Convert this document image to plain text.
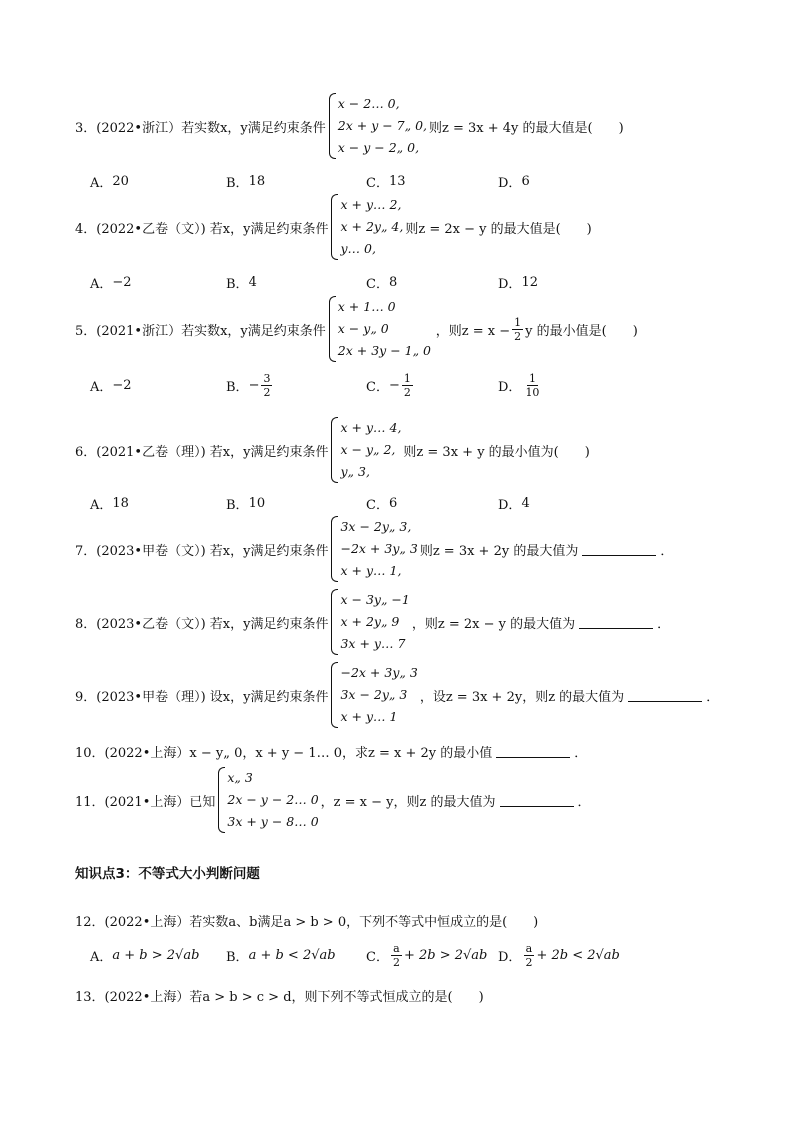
3．(2022•浙江）若实数x，y满足约束条件
x − 2… 0,
2x + y − 7„ 0,
x − y − 2„ 0,
则z = 3x + 4y 的最大值是(　　)
A． 20	B． 18	C． 13	D． 6
4．(2022•乙卷（文）) 若x，y满足约束条件
x + y… 2,
x + 2y„ 4,
y… 0,
则z = 2x − y 的最大值是(　　)
A． −2	B． 4	C． 8	D． 12
5．(2021•浙江）若实数x，y满足约束条件
x + 1… 0
x − y„ 0
2x + 3y − 1„ 0
，则$z = x - \frac{1}{2}$ y 的最小值是(　　)
A． −2	B． − $\frac{3}{2}$	C． − $\frac{1}{2}$	D． $\frac{1}{10}$
6．(2021•乙卷（理）) 若x，y满足约束条件
x + y… 4,
x − y„ 2,
y„ 3,
则z = 3x + y 的最小值为(　　)
A． 18	B． 10	C． 6	D． 4
7．(2023•甲卷（文）) 若x，y满足约束条件
3x − 2y„ 3,
−2x + 3y„ 3
x + y… 1,
则z = 3x + 2y 的最大值为	．
8．(2023•乙卷（文）) 若x，y满足约束条件
x − 3y„ −1
x + 2y„ 9
3x + y… 7
，则z = 2x − y 的最大值为	．
9．(2023•甲卷（理）) 设x，y满足约束条件
−2x + 3y„ 3
3x − 2y„ 3
x + y… 1
，设z = 3x + 2y，则z 的最大值为	．
10．(2022•上海）x − y„ 0，x + y − 1… 0，求z = x + 2y 的最小值	．
11．(2021•上海）已知
x„ 3
2x − y − 2… 0
3x + y − 8… 0
，z = x − y，则z 的最大值为	．
知识点3：不等式大小判断问题
12．(2022•上海）若实数a、b满足a > b > 0，下列不等式中恒成立的是(　　)
A． a + b > 2√ab B． a + b < 2√ab C． $\frac{a}{2} + 2b > 2√ab$ D． $\frac{a}{2} + 2b < 2√ab$
13．(2022•上海）若a > b > c > d，则下列不等式恒成立的是(　　)
